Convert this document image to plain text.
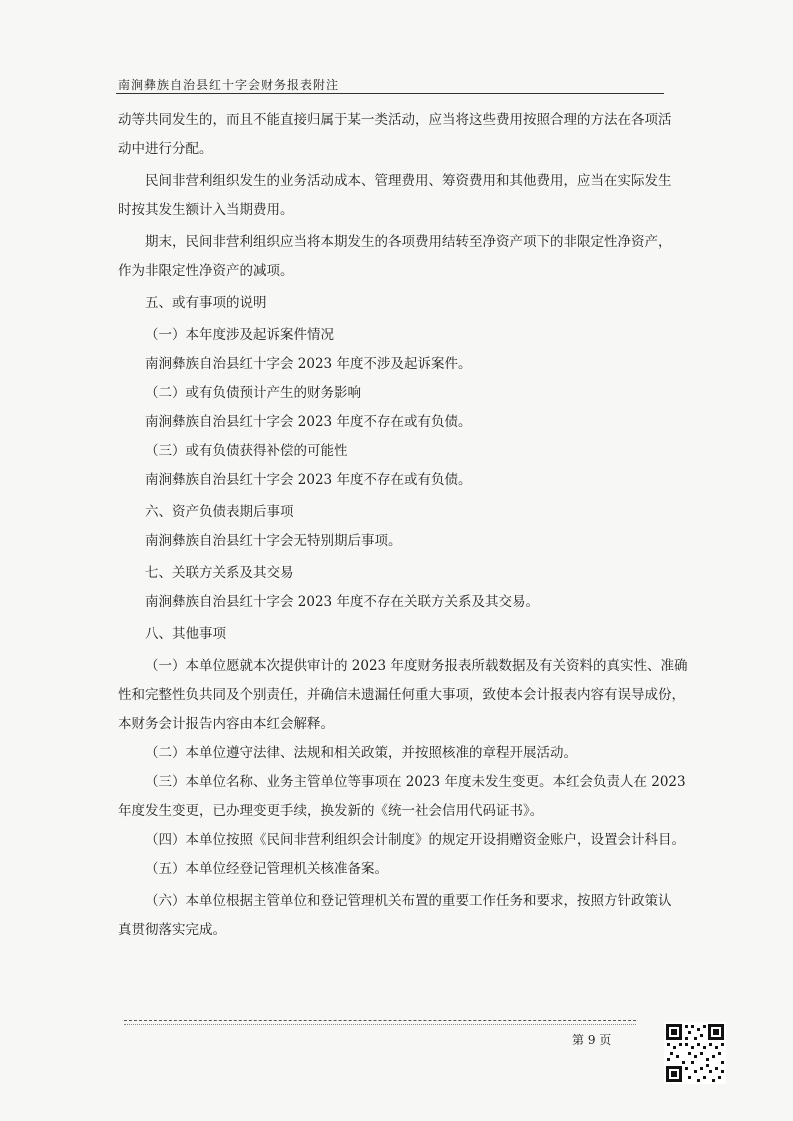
南涧彝族自治县红十字会财务报表附注
动等共同发生的，而且不能直接归属于某一类活动，应当将这些费用按照合理的方法在各项活
动中进行分配。
民间非营利组织发生的业务活动成本、管理费用、筹资费用和其他费用，应当在实际发生
时按其发生额计入当期费用。
期末，民间非营利组织应当将本期发生的各项费用结转至净资产项下的非限定性净资产，
作为非限定性净资产的减项。
五、或有事项的说明
（一）本年度涉及起诉案件情况
南涧彝族自治县红十字会 2023 年度不涉及起诉案件。
（二）或有负债预计产生的财务影响
南涧彝族自治县红十字会 2023 年度不存在或有负债。
（三）或有负债获得补偿的可能性
南涧彝族自治县红十字会 2023 年度不存在或有负债。
六、资产负债表期后事项
南涧彝族自治县红十字会无特别期后事项。
七、关联方关系及其交易
南涧彝族自治县红十字会 2023 年度不存在关联方关系及其交易。
八、其他事项
（一）本单位愿就本次提供审计的 2023 年度财务报表所载数据及有关资料的真实性、准确
性和完整性负共同及个别责任，并确信未遗漏任何重大事项，致使本会计报表内容有误导成份，
本财务会计报告内容由本红会解释。
（二）本单位遵守法律、法规和相关政策，并按照核准的章程开展活动。
（三）本单位名称、业务主管单位等事项在 2023 年度未发生变更。本红会负责人在 2023
年度发生变更，已办理变更手续，换发新的《统一社会信用代码证书》。
（四）本单位按照《民间非营利组织会计制度》的规定开设捐赠资金账户，设置会计科目。
（五）本单位经登记管理机关核准备案。
（六）本单位根据主管单位和登记管理机关布置的重要工作任务和要求，按照方针政策认
真贯彻落实完成。
第 9 页
